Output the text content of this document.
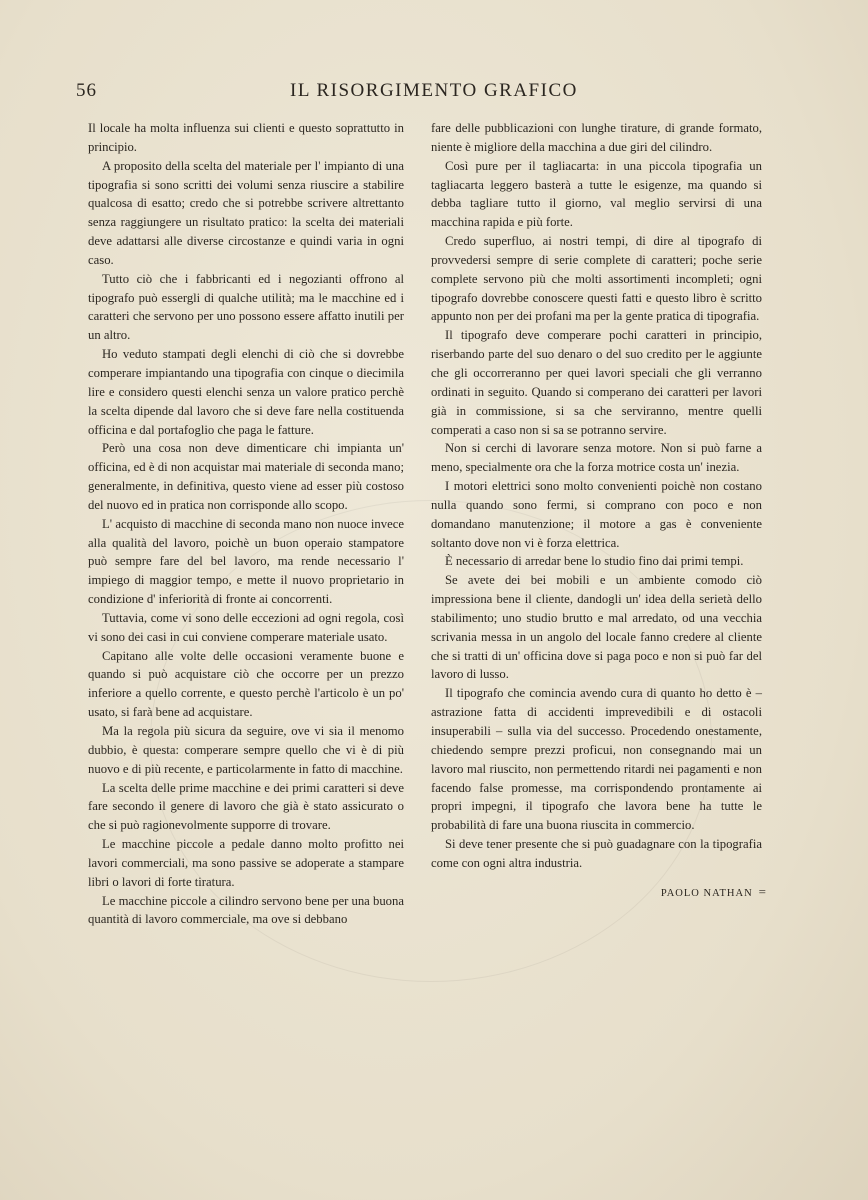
56	IL RISORGIMENTO GRAFICO

Il locale ha molta influenza sui clienti e questo soprattutto in principio.

A proposito della scelta del materiale per l' impianto di una tipografia si sono scritti dei volumi senza riuscire a stabilire qualcosa di esatto; credo che si potrebbe scrivere altrettanto senza raggiungere un risultato pratico: la scelta dei materiali deve adattarsi alle diverse circostanze e quindi varia in ogni caso.

Tutto ciò che i fabbricanti ed i negozianti offrono al tipografo può essergli di qualche utilità; ma le macchine ed i caratteri che servono per uno possono essere affatto inutili per un altro.

Ho veduto stampati degli elenchi di ciò che si dovrebbe comperare impiantando una tipografia con cinque o diecimila lire e considero questi elenchi senza un valore pratico perchè la scelta dipende dal lavoro che si deve fare nella costituenda officina e dal portafoglio che paga le fatture.

Però una cosa non deve dimenticare chi impianta un' officina, ed è di non acquistar mai materiale di seconda mano; generalmente, in definitiva, questo viene ad esser più costoso del nuovo ed in pratica non corrisponde allo scopo.

L' acquisto di macchine di seconda mano non nuoce invece alla qualità del lavoro, poichè un buon operaio stampatore può sempre fare del bel lavoro, ma rende necessario l' impiego di maggior tempo, e mette il nuovo proprietario in condizione d' inferiorità di fronte ai concorrenti.

Tuttavia, come vi sono delle eccezioni ad ogni regola, così vi sono dei casi in cui conviene comperare materiale usato.

Capitano alle volte delle occasioni veramente buone e quando si può acquistare ciò che occorre per un prezzo inferiore a quello corrente, e questo perchè l'articolo è un po' usato, si farà bene ad acquistare.

Ma la regola più sicura da seguire, ove vi sia il menomo dubbio, è questa: comperare sempre quello che vi è di più nuovo e di più recente, e particolarmente in fatto di macchine.

La scelta delle prime macchine e dei primi caratteri si deve fare secondo il genere di lavoro che già è stato assicurato o che si può ragionevolmente supporre di trovare.

Le macchine piccole a pedale danno molto profitto nei lavori commerciali, ma sono passive se adoperate a stampare libri o lavori di forte tiratura.

Le macchine piccole a cilindro servono bene per una buona quantità di lavoro commerciale, ma ove si debbano

fare delle pubblicazioni con lunghe tirature, di grande formato, niente è migliore della macchina a due giri del cilindro.

Così pure per il tagliacarta: in una piccola tipografia un tagliacarta leggero basterà a tutte le esigenze, ma quando si debba tagliare tutto il giorno, val meglio servirsi di una macchina rapida e più forte.

Credo superfluo, ai nostri tempi, di dire al tipografo di provvedersi sempre di serie complete di caratteri; poche serie complete servono più che molti assortimenti incompleti; ogni tipografo dovrebbe conoscere questi fatti e questo libro è scritto appunto non per dei profani ma per la gente pratica di tipografia.

Il tipografo deve comperare pochi caratteri in principio, riserbando parte del suo denaro o del suo credito per le aggiunte che gli occorreranno per quei lavori speciali che gli verranno ordinati in seguito. Quando si comperano dei caratteri per lavori già in commissione, si sa che serviranno, mentre quelli comperati a caso non si sa se potranno servire.

Non si cerchi di lavorare senza motore. Non si può farne a meno, specialmente ora che la forza motrice costa un' inezia.

I motori elettrici sono molto convenienti poichè non costano nulla quando sono fermi, si comprano con poco e non domandano manutenzione; il motore a gas è conveniente soltanto dove non vi è forza elettrica.

È necessario di arredar bene lo studio fino dai primi tempi.

Se avete dei bei mobili e un ambiente comodo ciò impressiona bene il cliente, dandogli un' idea della serietà dello stabilimento; uno studio brutto e mal arredato, od una vecchia scrivania messa in un angolo del locale fanno credere al cliente che si tratti di un' officina dove si paga poco e non si può far del lavoro di lusso.

Il tipografo che comincia avendo cura di quanto ho detto è – astrazione fatta di accidenti imprevedibili e di ostacoli insuperabili – sulla via del successo. Procedendo onestamente, chiedendo sempre prezzi proficui, non consegnando mai un lavoro mal riuscito, non permettendo ritardi nei pagamenti e non facendo false promesse, ma corrispondendo prontamente ai propri impegni, il tipografo che lavora bene ha tutte le probabilità di fare una buona riuscita in commercio.

Si deve tener presente che si può guadagnare con la tipografia come con ogni altra industria.

PAOLO NATHAN =
